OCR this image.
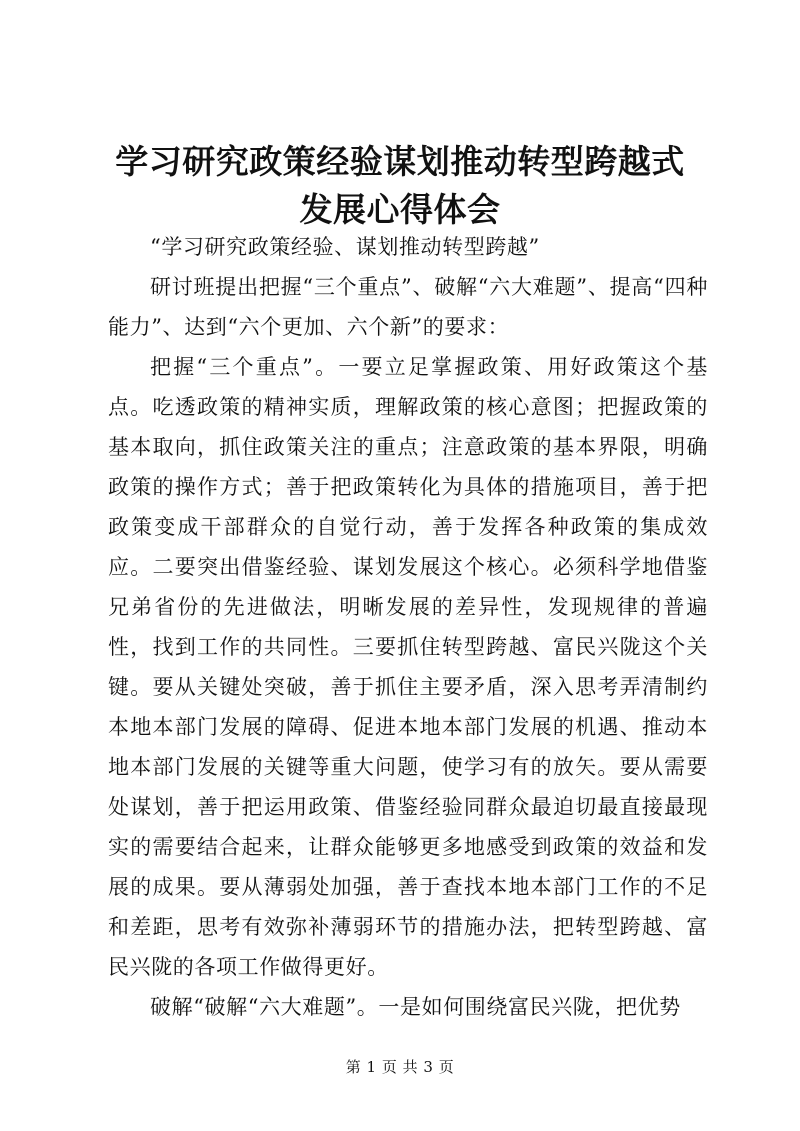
学习研究政策经验谋划推动转型跨越式发展心得体会

“学习研究政策经验、谋划推动转型跨越”

研讨班提出把握“三个重点”、破解“六大难题”、提高“四种能力”、达到“六个更加、六个新”的要求：

把握“三个重点”。一要立足掌握政策、用好政策这个基点。吃透政策的精神实质，理解政策的核心意图；把握政策的基本取向，抓住政策关注的重点；注意政策的基本界限，明确政策的操作方式；善于把政策转化为具体的措施项目，善于把政策变成干部群众的自觉行动，善于发挥各种政策的集成效应。二要突出借鉴经验、谋划发展这个核心。必须科学地借鉴兄弟省份的先进做法，明晰发展的差异性，发现规律的普遍性，找到工作的共同性。三要抓住转型跨越、富民兴陇这个关键。要从关键处突破，善于抓住主要矛盾，深入思考弄清制约本地本部门发展的障碍、促进本地本部门发展的机遇、推动本地本部门发展的关键等重大问题，使学习有的放矢。要从需要处谋划，善于把运用政策、借鉴经验同群众最迫切最直接最现实的需要结合起来，让群众能够更多地感受到政策的效益和发展的成果。要从薄弱处加强，善于查找本地本部门工作的不足和差距，思考有效弥补薄弱环节的措施办法，把转型跨越、富民兴陇的各项工作做得更好。

破解“破解“六大难题”。一是如何围绕富民兴陇，把优势

第 1 页 共 3 页
